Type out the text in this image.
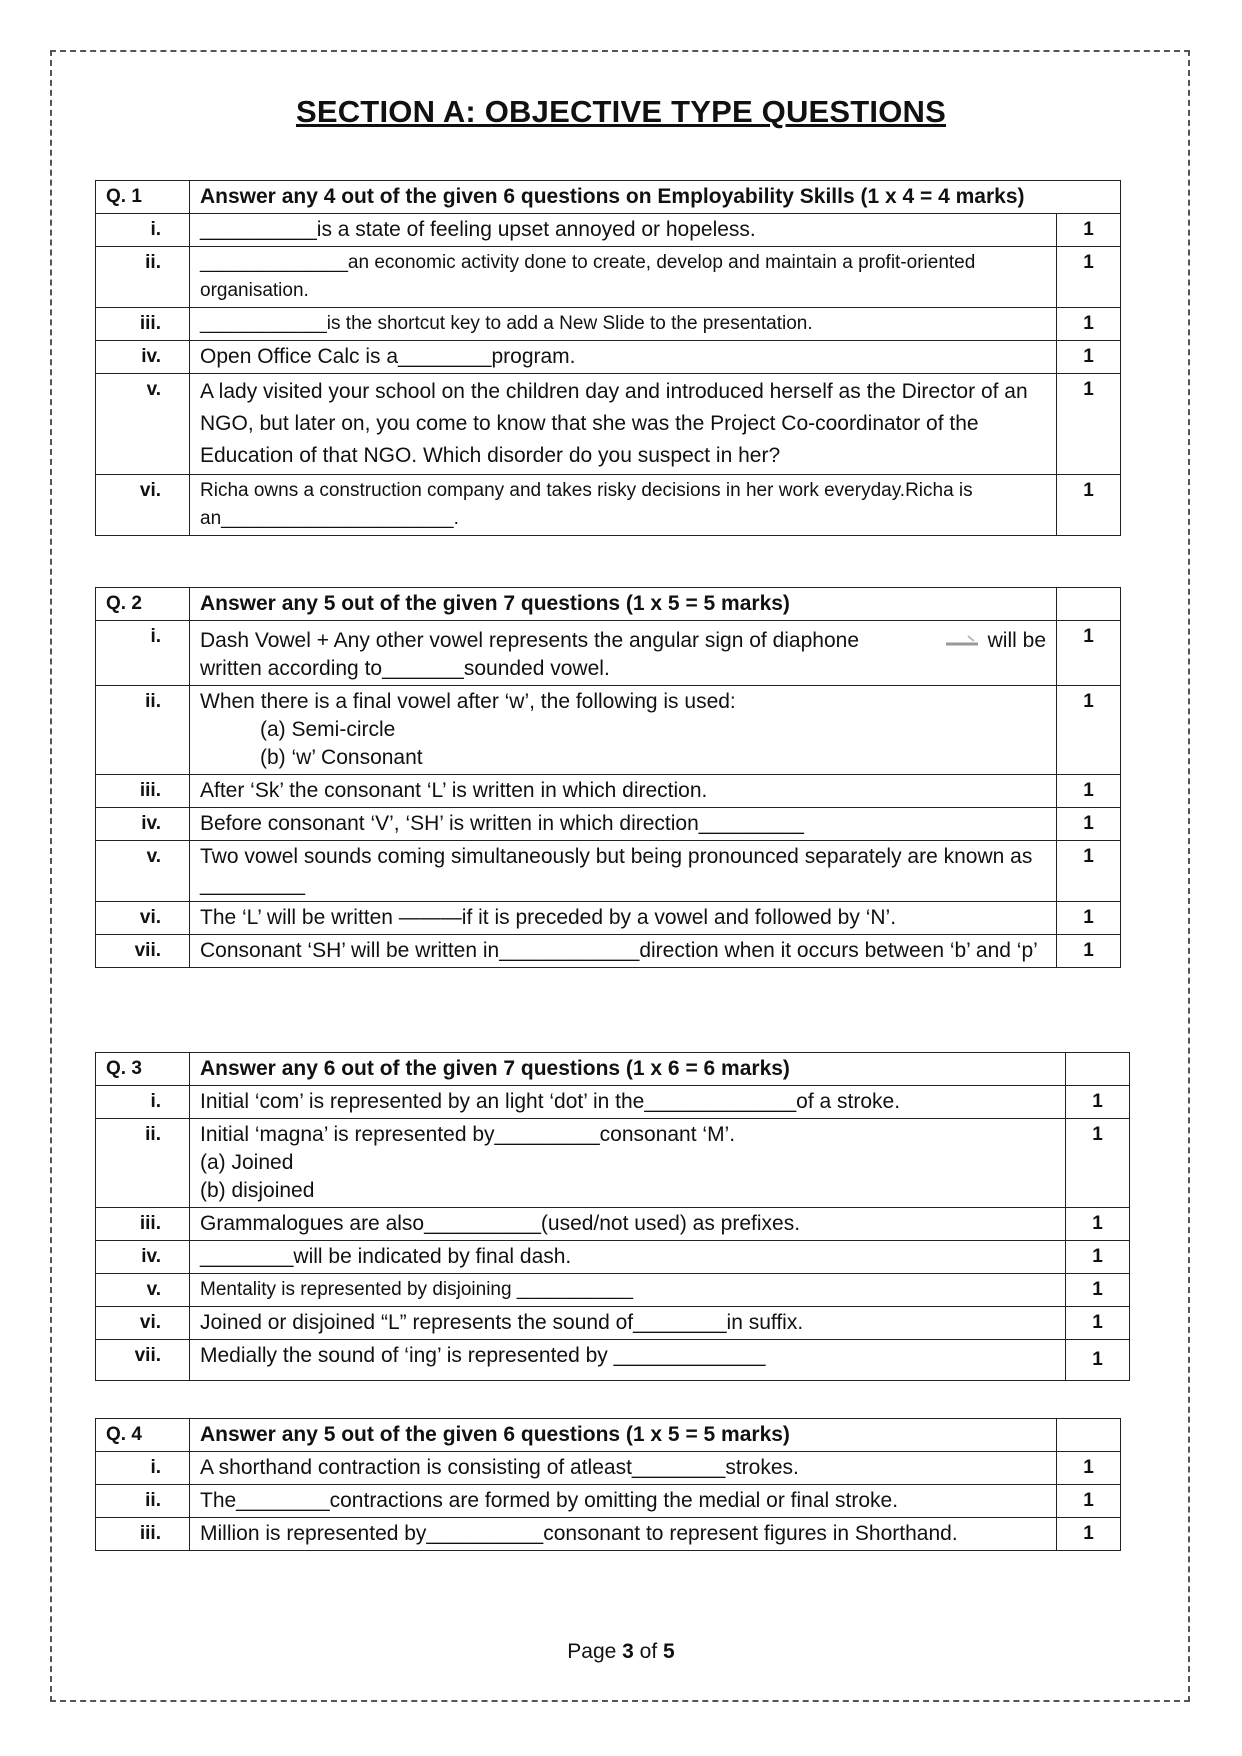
SECTION A: OBJECTIVE TYPE QUESTIONS
Q. 1	Answer any 4 out of the given 6 questions on Employability Skills (1 x 4 = 4 marks)	
i.	__________is a state of feeling upset annoyed or hopeless.	1
ii.	______________an economic activity done to create, develop and maintain a profit-oriented organisation.	1
iii.	____________is the shortcut key to add a New Slide to the presentation.	1
iv.	Open Office Calc is a________program.	1
v.	A lady visited your school on the children day and introduced herself as the Director of an NGO, but later on, you come to know that she was the Project Co-coordinator of the Education of that NGO. Which disorder do you suspect in her?	1
vi.	Richa owns a construction company and takes risky decisions in her work everyday.Richa is an______________________.	1
Q. 2	Answer any 5 out of the given 7 questions (1 x 5 = 5 marks)	
i.	Dash Vowel + Any other vowel represents the angular sign of diaphone will be
written according to_______sounded vowel.	1
ii.	When there is a final vowel after ‘w’, the following is used:
(a) Semi-circle
(b) ‘w’ Consonant	1
iii.	After ‘Sk’ the consonant ‘L’ is written in which direction.	1
iv.	Before consonant ‘V’, ‘SH’ is written in which direction_________	1
v.	Two vowel sounds coming simultaneously but being pronounced separately are known as _________	1
vi.	The ‘L’ will be written ———if it is preceded by a vowel and followed by ‘N’.	1
vii.	Consonant ‘SH’ will be written in____________direction when it occurs between ‘b’ and ‘p’	1
Q. 3	Answer any 6 out of the given 7 questions (1 x 6 = 6 marks)	
i.	Initial ‘com’ is represented by an light ‘dot’ in the_____________of a stroke.	1
ii.	Initial ‘magna’ is represented by_________consonant ‘M’.
(a) Joined
(b) disjoined	1
iii.	Grammalogues are also__________(used/not used) as prefixes.	1
iv.	________will be indicated by final dash.	1
v.	Mentality is represented by disjoining ___________	1
vi.	Joined or disjoined “L” represents the sound of________in suffix.	1
vii.	Medially the sound of ‘ing’ is represented by _____________	1
Q. 4	Answer any 5 out of the given 6 questions (1 x 5 = 5 marks)	
i.	A shorthand contraction is consisting of atleast________strokes.	1
ii.	The________contractions are formed by omitting the medial or final stroke.	1
iii.	Million is represented by__________consonant to represent figures in Shorthand.	1
Page 3 of 5
